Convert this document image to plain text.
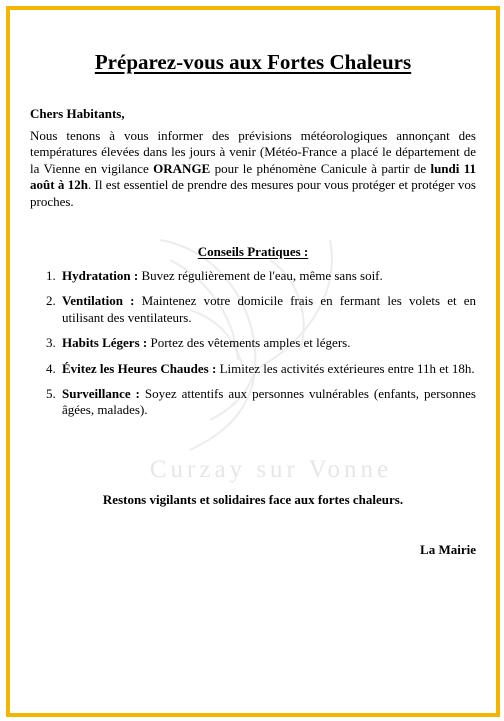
Curzay sur Vonne
Préparez-vous aux Fortes Chaleurs
Chers Habitants,
Nous tenons à vous informer des prévisions météorologiques annonçant des températures élevées dans les jours à venir (Météo-France a placé le département de la Vienne en vigilance ORANGE pour le phénomène Canicule à partir de lundi 11 août à 12h. Il est essentiel de prendre des mesures pour vous protéger et protéger vos proches.
Conseils Pratiques :
1. Hydratation : Buvez régulièrement de l'eau, même sans soif.
2. Ventilation : Maintenez votre domicile frais en fermant les volets et en utilisant des ventilateurs.
3. Habits Légers : Portez des vêtements amples et légers.
4. Évitez les Heures Chaudes : Limitez les activités extérieures entre 11h et 18h.
5. Surveillance : Soyez attentifs aux personnes vulnérables (enfants, personnes âgées, malades).
Restons vigilants et solidaires face aux fortes chaleurs.
La Mairie
